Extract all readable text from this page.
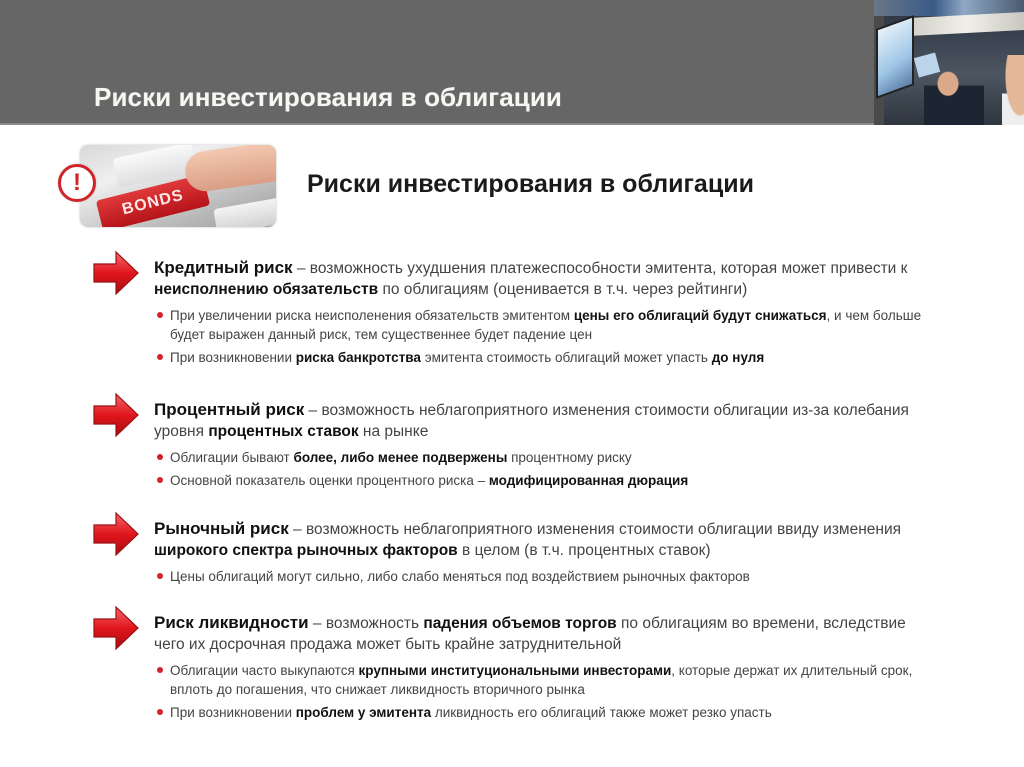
Риски инвестирования в облигации
BONDS
!	Риски инвестирования в облигации
Кредитный риск – возможность ухудшения платежеспособности эмитента, которая может привести к неисполнению обязательств по облигациям (оценивается в т.ч. через рейтинги)
При увеличении риска неисполенения обязательств эмитентом цены его облигаций будут снижаться, и чем больше будет выражен данный риск, тем существеннее будет падение цен
При возникновении риска банкротства эмитента стоимость облигаций может упасть до нуля
Процентный риск – возможность неблагоприятного изменения стоимости облигации из-за колебания уровня процентных ставок на рынке
Облигации бывают более, либо менее подвержены процентному риску
Основной показатель оценки процентного риска – модифицированная дюрация
Рыночный риск – возможность неблагоприятного изменения стоимости облигации ввиду изменения широкого спектра рыночных факторов в целом (в т.ч. процентных ставок)
Цены облигаций могут сильно, либо слабо меняться под воздействием рыночных факторов
Риск ликвидности – возможность падения объемов торгов по облигациям во времени, вследствие чего их досрочная продажа может быть крайне затруднительной
Облигации часто выкупаются крупными институциональными инвесторами, которые держат их длительный срок, вплоть до погашения, что снижает ликвидность вторичного рынка
При возникновении проблем у эмитента ликвидность его облигаций также может резко упасть
